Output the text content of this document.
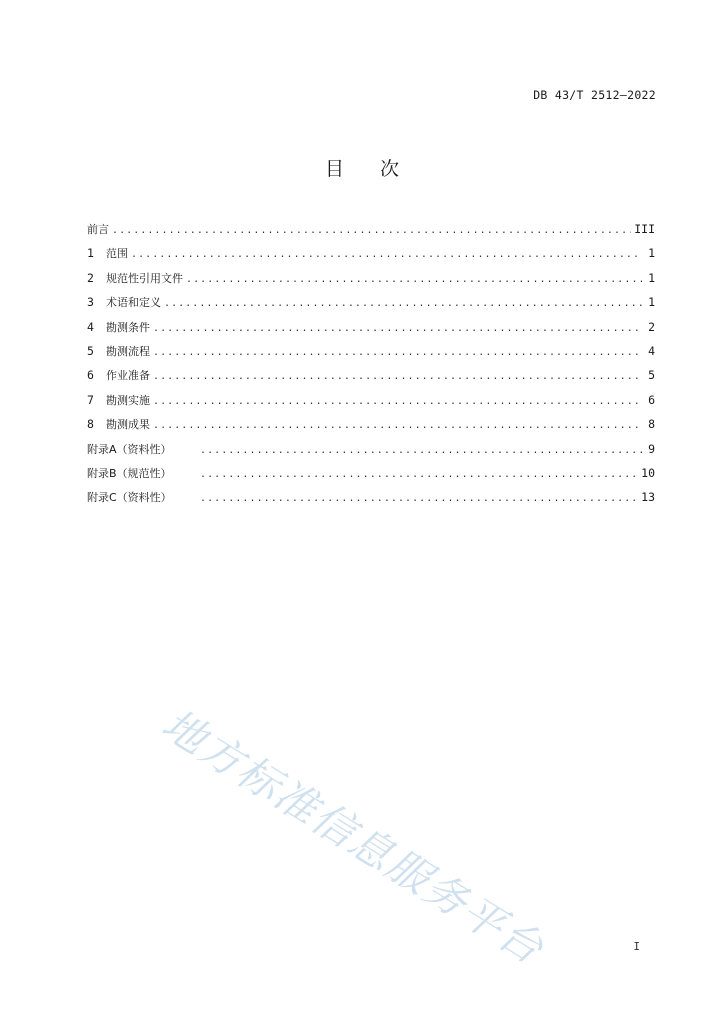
DB 43/T 2512—2022
目 次
前言 .....	III
1	范围 .....	1
2	规范性引用文件 .....	1
3	术语和定义 .....	1
4	勘测条件 .....	2
5	勘测流程 .....	4
6	作业准备 .....	5
7	勘测实施 .....	6
8	勘测成果 .....	8
附录A（资料性） .....	9
附录B（规范性） .....	10
附录C（资料性） .....	13
地方标准信息服务平台	I
